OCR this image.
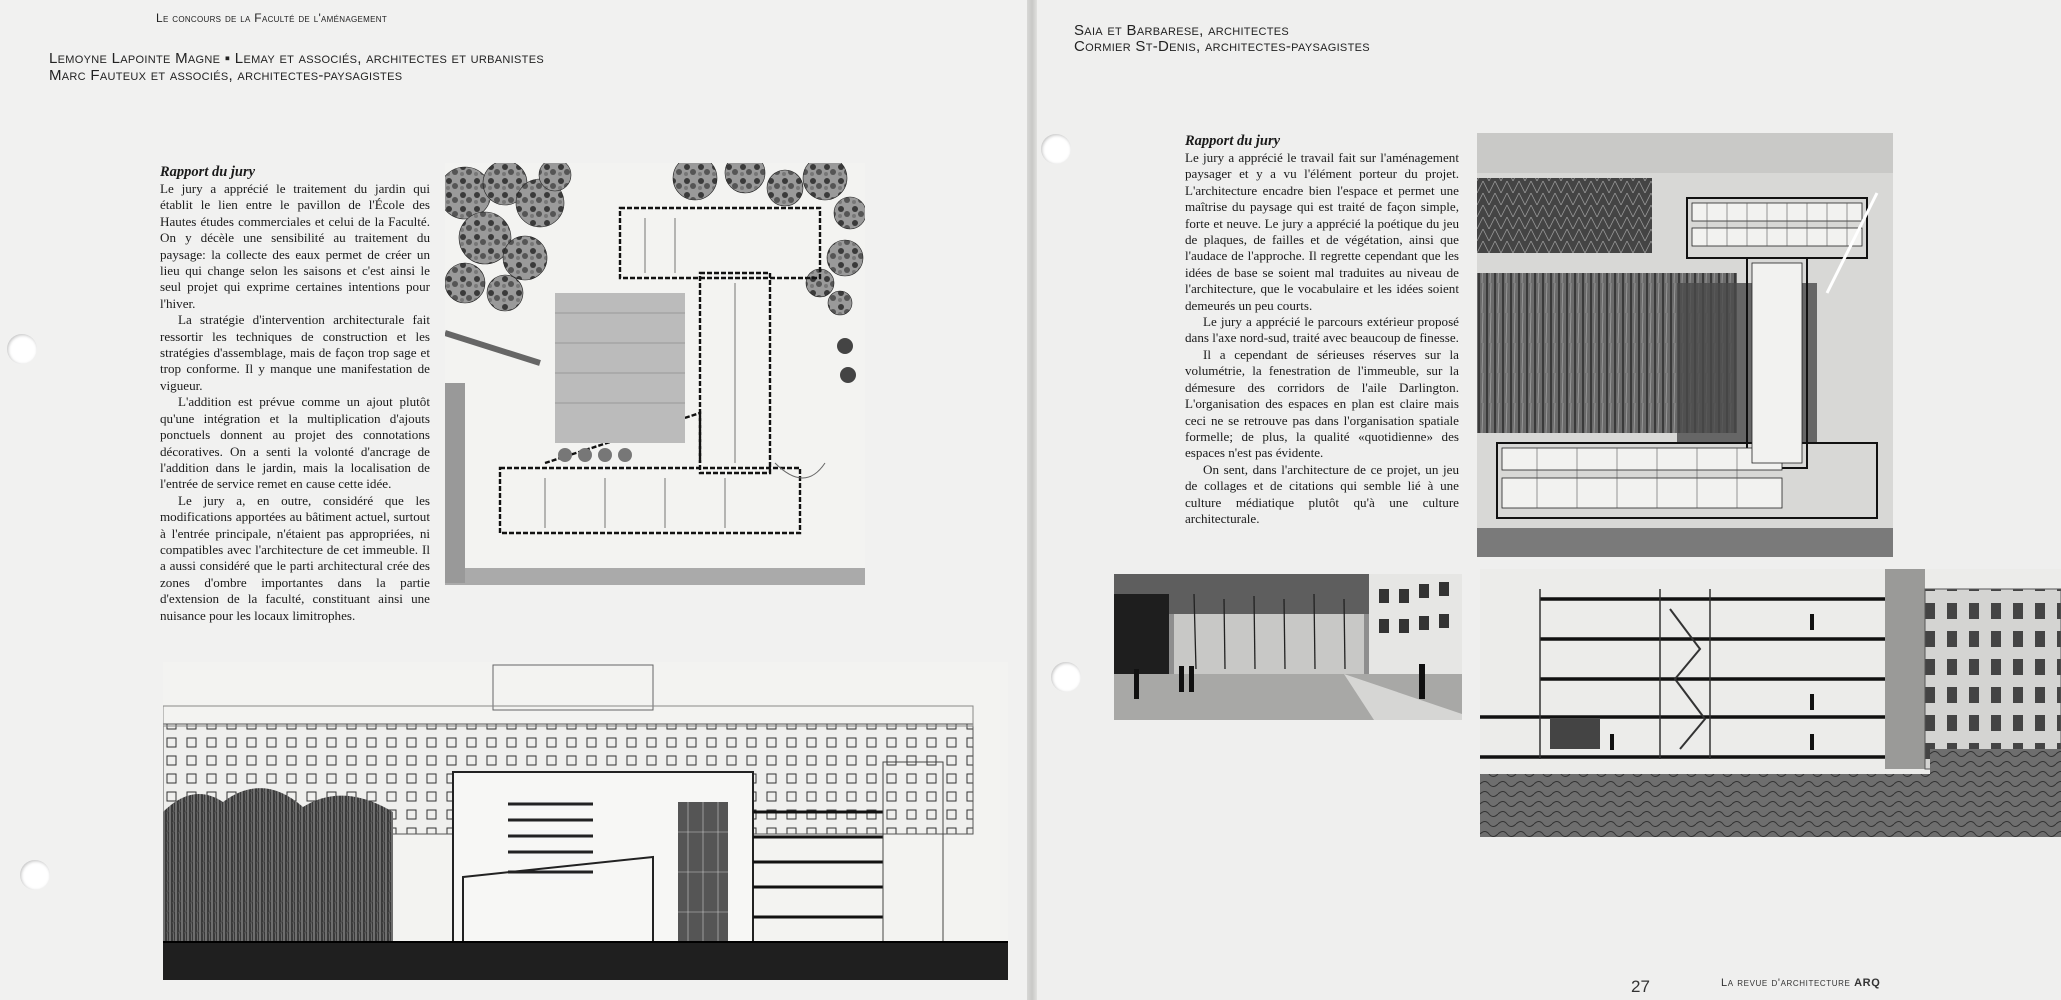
Le concours de la Faculté de l'aménagement
Lemoyne Lapointe Magne ▪ Lemay et associés, architectes et urbanistes
Marc Fauteux et associés, architectes-paysagistes
Rapport du jury

Le jury a apprécié le traitement du jardin qui établit le lien entre le pavillon de l'École des Hautes études commerciales et celui de la Faculté. On y décèle une sensibilité au traitement du paysage: la collecte des eaux permet de créer un lieu qui change selon les saisons et c'est ainsi le seul projet qui exprime certaines intentions pour l'hiver.

La stratégie d'intervention architecturale fait ressortir les techniques de construction et les stratégies d'assemblage, mais de façon trop sage et trop conforme. Il y manque une manifestation de vigueur.

L'addition est prévue comme un ajout plutôt qu'une intégration et la multiplication d'ajouts ponctuels donnent au projet des connotations décoratives. On a senti la volonté d'ancrage de l'addition dans le jardin, mais la localisation de l'entrée de service remet en cause cette idée.

Le jury a, en outre, considéré que les modifications apportées au bâtiment actuel, surtout à l'entrée principale, n'étaient pas appropriées, ni compatibles avec l'architecture de cet immeuble. Il a aussi considéré que le parti architectural crée des zones d'ombre importantes dans la partie d'extension de la faculté, constituant ainsi une nuisance pour les locaux limitrophes.

Saia et Barbarese, architectes
Cormier St-Denis, architectes-paysagistes
Rapport du jury

Le jury a apprécié le travail fait sur l'aménagement paysager et y a vu l'élément porteur du projet. L'architecture encadre bien l'espace et permet une maîtrise du paysage qui est traité de façon simple, forte et neuve. Le jury a apprécié la poétique du jeu de plaques, de failles et de végétation, ainsi que l'audace de l'approche. Il regrette cependant que les idées de base se soient mal traduites au niveau de l'architecture, que le vocabulaire et les idées soient demeurés un peu courts.

Le jury a apprécié le parcours extérieur proposé dans l'axe nord-sud, traité avec beaucoup de finesse.

Il a cependant de sérieuses réserves sur la volumétrie, la fenestration de l'immeuble, sur la démesure des corridors de l'aile Darlington. L'organisation des espaces en plan est claire mais ceci ne se retrouve pas dans l'organisation spatiale formelle; de plus, la qualité «quotidienne» des espaces n'est pas évidente.

On sent, dans l'architecture de ce projet, un jeu de collages et de citations qui semble lié à une culture médiatique plutôt qu'à une culture architecturale.

27	La revue d'architecture ARQ
